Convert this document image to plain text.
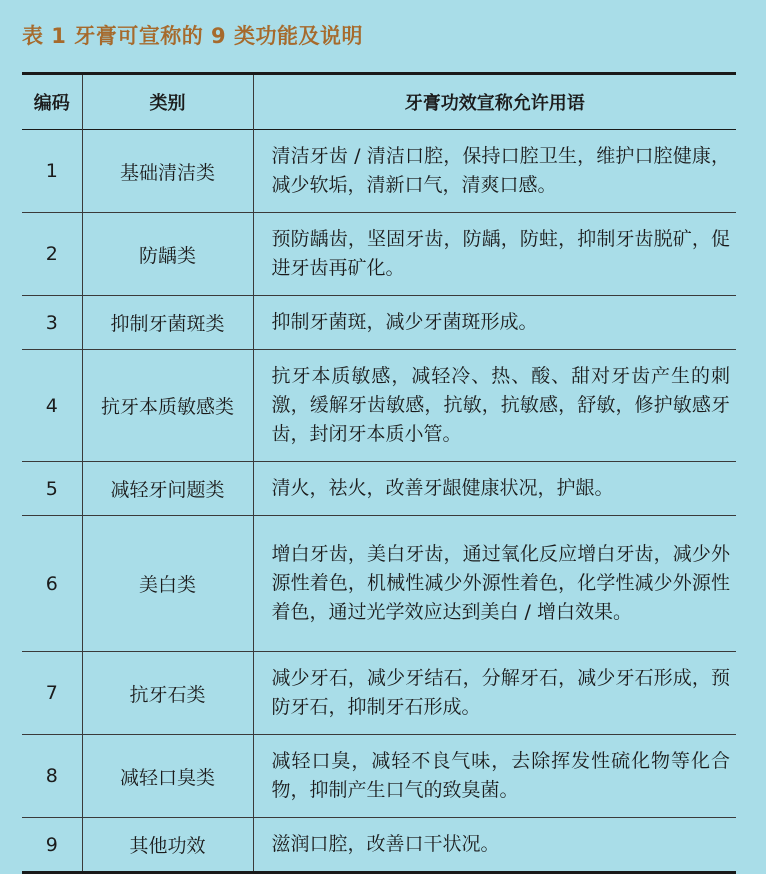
表 1 牙膏可宣称的 9 类功能及说明
编码	类别	牙膏功效宣称允许用语
1	基础清洁类	清洁牙齿 / 清洁口腔，保持口腔卫生，维护口腔健康，减少软垢，清新口气，清爽口感。
2	防龋类	预防龋齿，坚固牙齿，防龋，防蛀，抑制牙齿脱矿，促进牙齿再矿化。
3	抑制牙菌斑类	抑制牙菌斑，减少牙菌斑形成。
4	抗牙本质敏感类	抗牙本质敏感，减轻冷、热、酸、甜对牙齿产生的刺激，缓解牙齿敏感，抗敏，抗敏感，舒敏，修护敏感牙齿，封闭牙本质小管。
5	减轻牙问题类	清火，祛火，改善牙龈健康状况，护龈。
6	美白类	增白牙齿，美白牙齿，通过氧化反应增白牙齿，减少外源性着色，机械性减少外源性着色，化学性减少外源性着色，通过光学效应达到美白 / 增白效果。
7	抗牙石类	减少牙石，减少牙结石，分解牙石，减少牙石形成，预防牙石，抑制牙石形成。
8	减轻口臭类	减轻口臭，减轻不良气味，去除挥发性硫化物等化合物，抑制产生口气的致臭菌。
9	其他功效	滋润口腔，改善口干状况。
